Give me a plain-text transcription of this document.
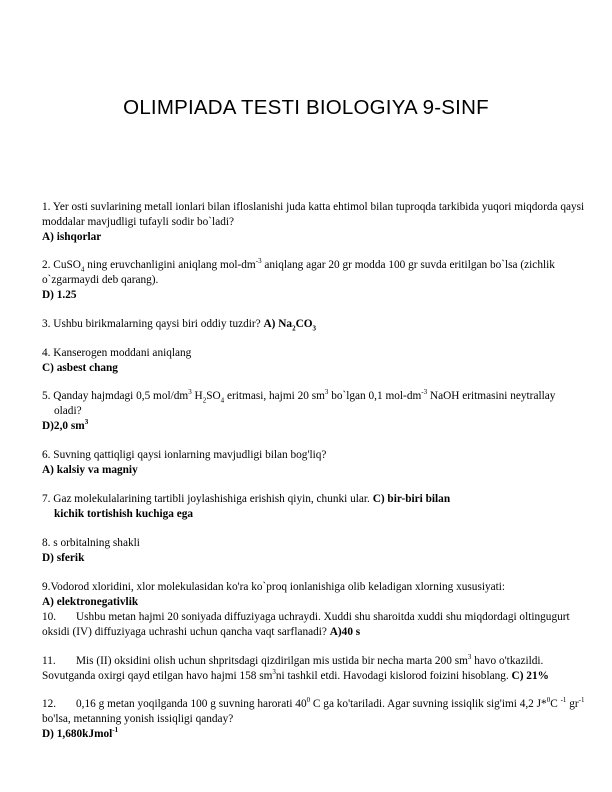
OLIMPIADA TESTI BIOLOGIYA 9-SINF

1. Yer osti suvlarining metall ionlari bilan ifloslanishi juda katta ehtimol bilan tuproqda tarkibida yuqori miqdorda qaysi moddalar mavjudligi tufayli sodir bo`ladi?

A) ishqorlar

2. CuSO$_4$ ning eruvchanligini aniqlang mol-$dm^{-3}$ aniqlang agar 20 gr modda 100 gr suvda eritilgan bo`lsa (zichlik o`zgarmaydi deb qarang).

D) 1.25

3. Ushbu birikmalarning qaysi biri oddiy tuzdir? A) $Na_2CO_3$

4. Kanserogen moddani aniqlang

C) asbest chang

5. Qanday hajmdagi 0,5 mol/$dm^3$ $H_2SO_4$ eritmasi, hajmi 20 $sm^3$ bo`lgan 0,1 mol-$dm^{-3}$ NaOH eritmasini neytrallay

oladi?

D)2,0 $sm^3$

6. Suvning qattiqligi qaysi ionlarning mavjudligi bilan bog'liq?

A) kalsiy va magniy

7. Gaz molekulalarining tartibli joylashishiga erishish qiyin, chunki ular. C) bir-biri bilan

kichik tortishish kuchiga ega

8. s orbitalning shakli

D) sferik

9.Vodorod xloridini, xlor molekulasidan ko'ra ko`proq ionlanishiga olib keladigan xlorning xususiyati:

A) elektronegativlik

10. Ushbu metan hajmi 20 soniyada diffuziyaga uchraydi. Xuddi shu sharoitda xuddi shu miqdordagi oltingugurt oksidi (IV) diffuziyaga uchrashi uchun qancha vaqt sarflanadi? A)40 s

11. Mis (II) oksidini olish uchun shpritsdagi qizdirilgan mis ustida bir necha marta 200 $sm^3$ havo o'tkazildi. Sovutganda oxirgi qayd etilgan havo hajmi 158 $sm^3ni$ tashkil etdi. Havodagi kislorod foizini hisoblang. C) 21%

12. 0,16 g metan yoqilganda 100 g suvning harorati $40^0$ C ga ko'tariladi. Agar suvning issiqlik sig'imi 4,2 J*$^0$C $^{-1}$ $gr^{-1}$ bo'lsa, metanning yonish issiqligi qanday?

D) 1,680kJmol$^{-1}$
